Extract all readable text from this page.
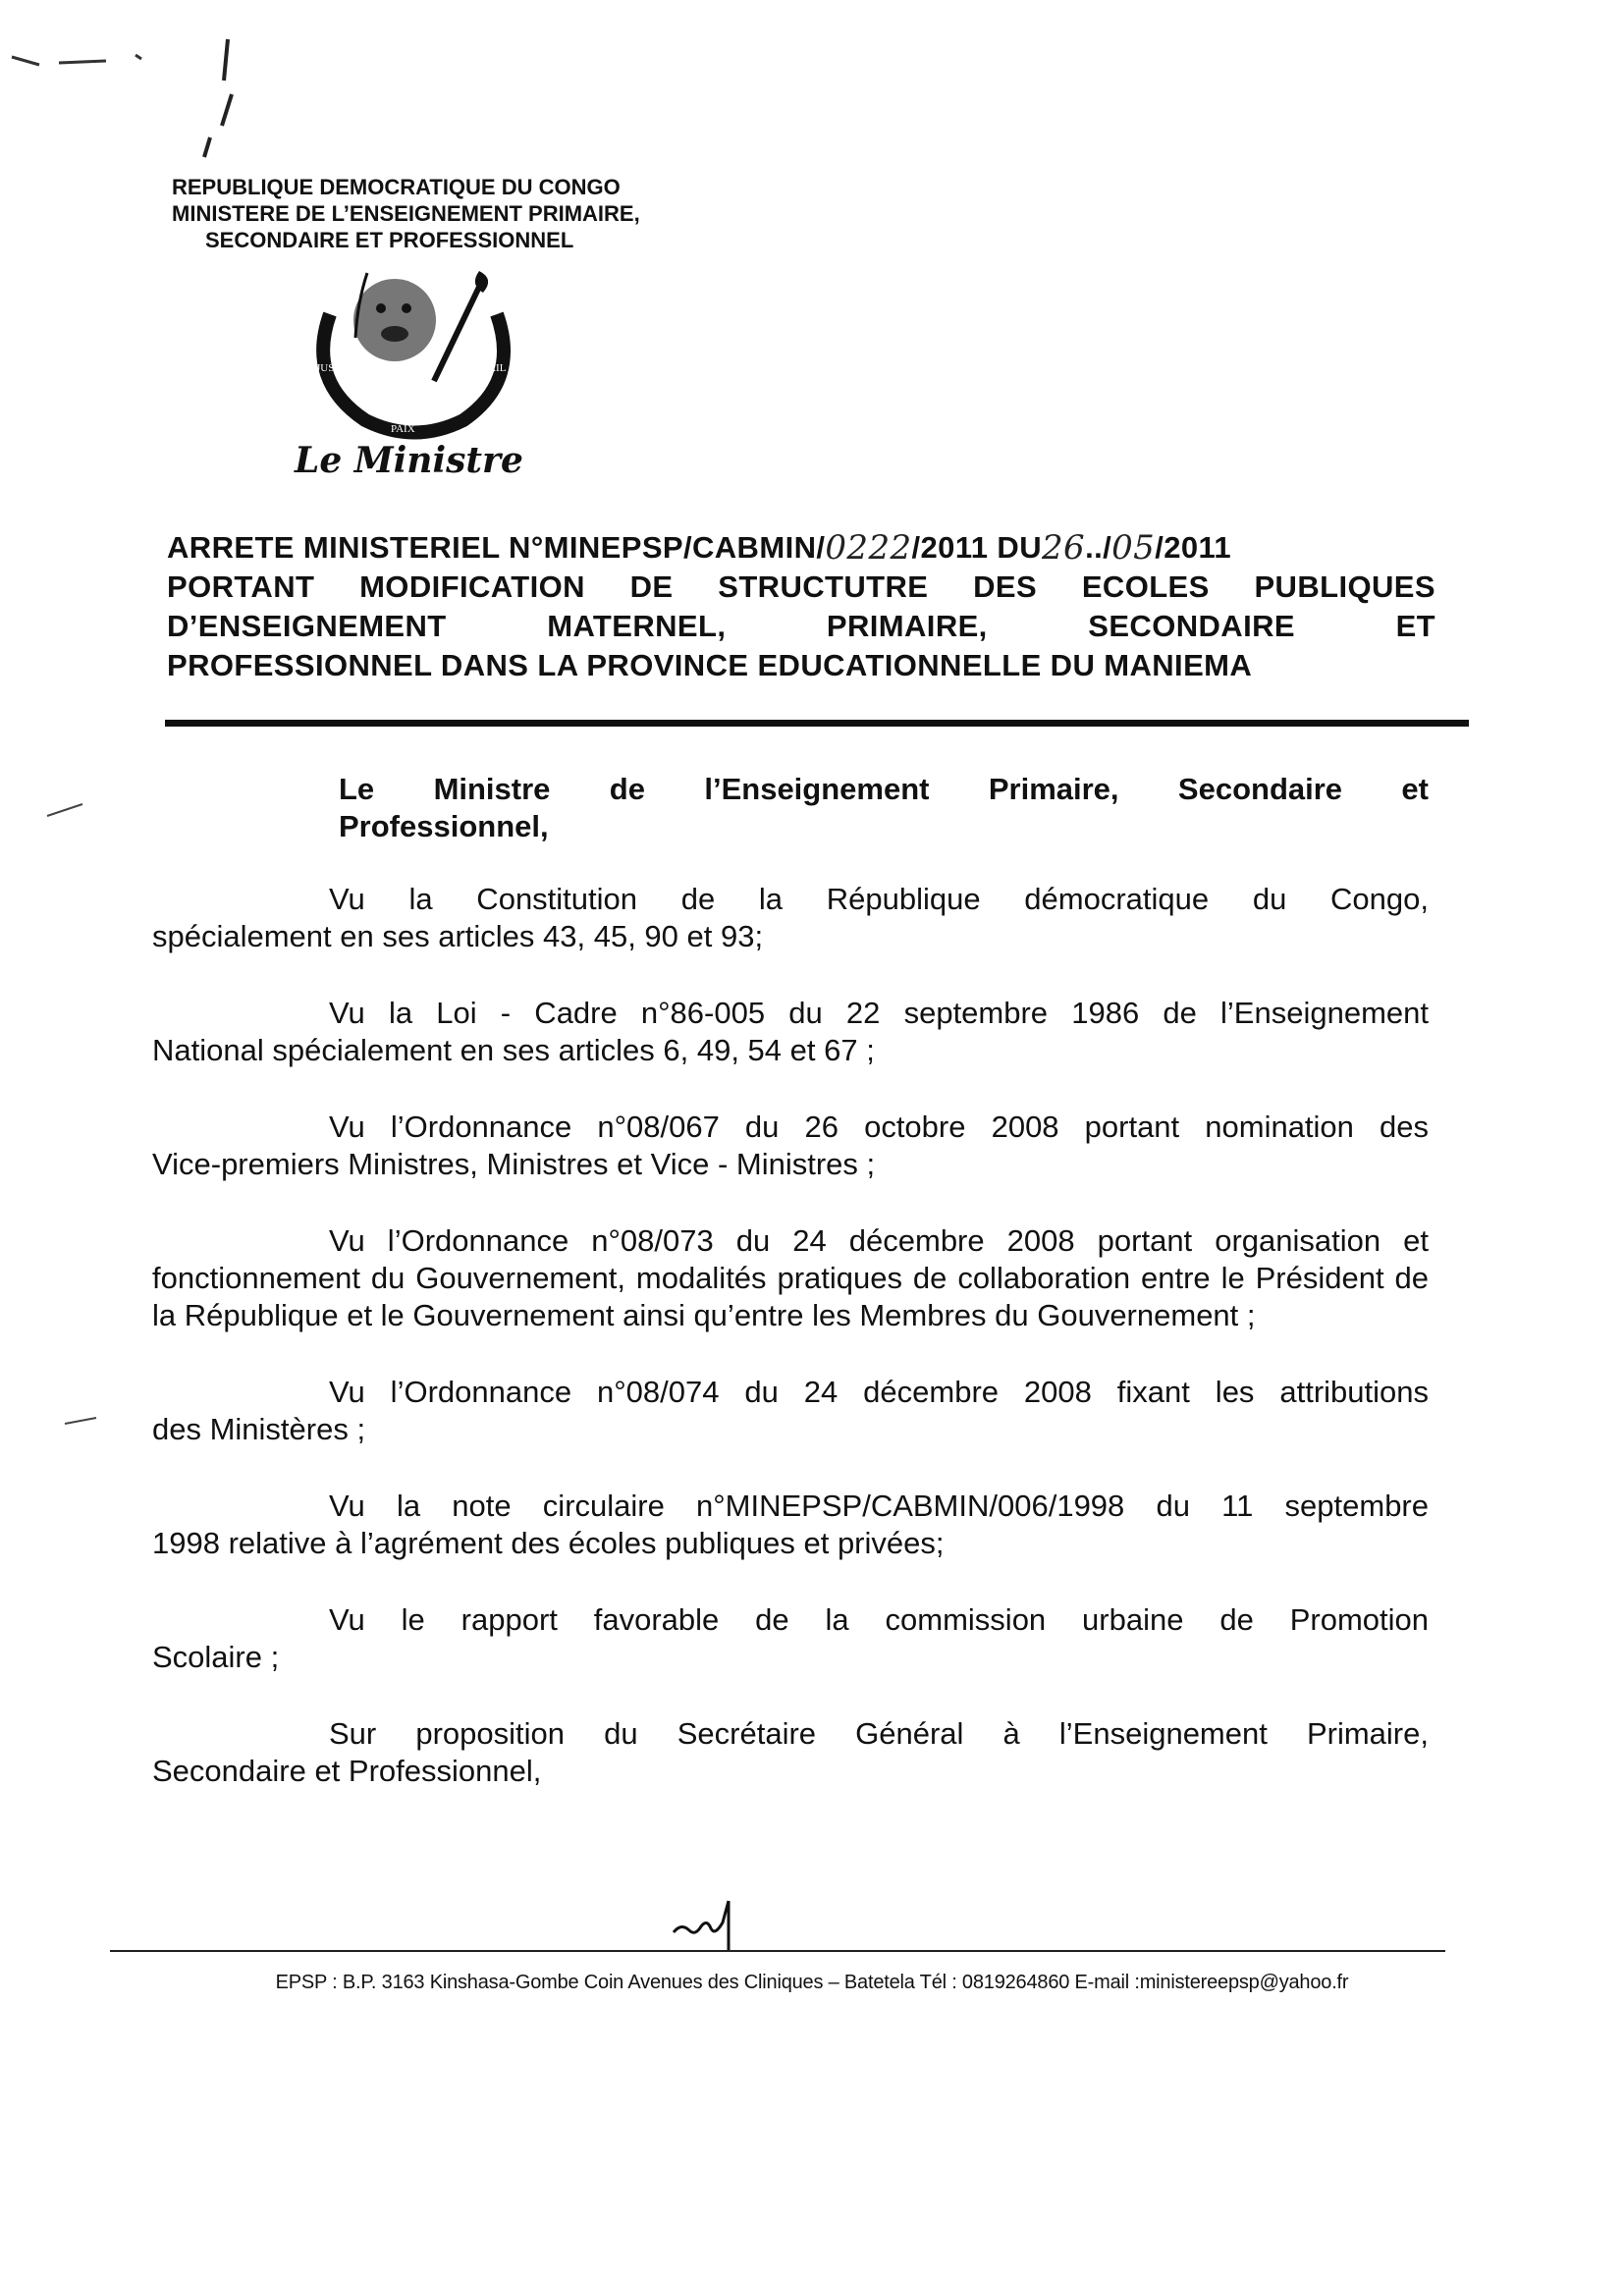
REPUBLIQUE DEMOCRATIQUE DU CONGO
MINISTERE DE L’ENSEIGNEMENT PRIMAIRE,
SECONDAIRE ET PROFESSIONNEL
JUSTICE
PAIX
TRAVAIL
Le Ministre
ARRETE MINISTERIEL N°MINEPSP/CABMIN/ 0222 /2011 DU 26 ../ 05 /2011
PORTANT MODIFICATION DE STRUCTUTRE DES ECOLES PUBLIQUES
D’ENSEIGNEMENT	MATERNEL,	PRIMAIRE,	SECONDAIRE	ET
PROFESSIONNEL DANS LA PROVINCE EDUCATIONNELLE DU MANIEMA
Le Ministre de l’Enseignement Primaire, Secondaire et
Professionnel,
Vu la Constitution de la République démocratique du Congo,
spécialement en ses articles 43, 45, 90 et 93;
Vu la Loi - Cadre n°86-005 du 22 septembre 1986 de l’Enseignement
National spécialement en ses articles 6, 49, 54 et 67 ;
Vu l’Ordonnance n°08/067 du 26 octobre 2008 portant nomination des
Vice-premiers Ministres, Ministres et Vice - Ministres ;
Vu l’Ordonnance n°08/073 du 24 décembre 2008 portant organisation et
fonctionnement du Gouvernement, modalités pratiques de collaboration entre le Président de la République et le Gouvernement ainsi qu’entre les Membres du Gouvernement ;
Vu l’Ordonnance n°08/074 du 24 décembre 2008 fixant les attributions
des Ministères ;
Vu la note circulaire n°MINEPSP/CABMIN/006/1998 du 11 septembre
1998 relative à l’agrément des écoles publiques et privées;
Vu le rapport favorable de la commission urbaine de Promotion
Scolaire ;
Sur proposition du Secrétaire Général à l’Enseignement Primaire,
Secondaire et Professionnel,
EPSP : B.P. 3163 Kinshasa-Gombe Coin Avenues des Cliniques – Batetela Tél : 0819264860 E-mail :ministereepsp@yahoo.fr
